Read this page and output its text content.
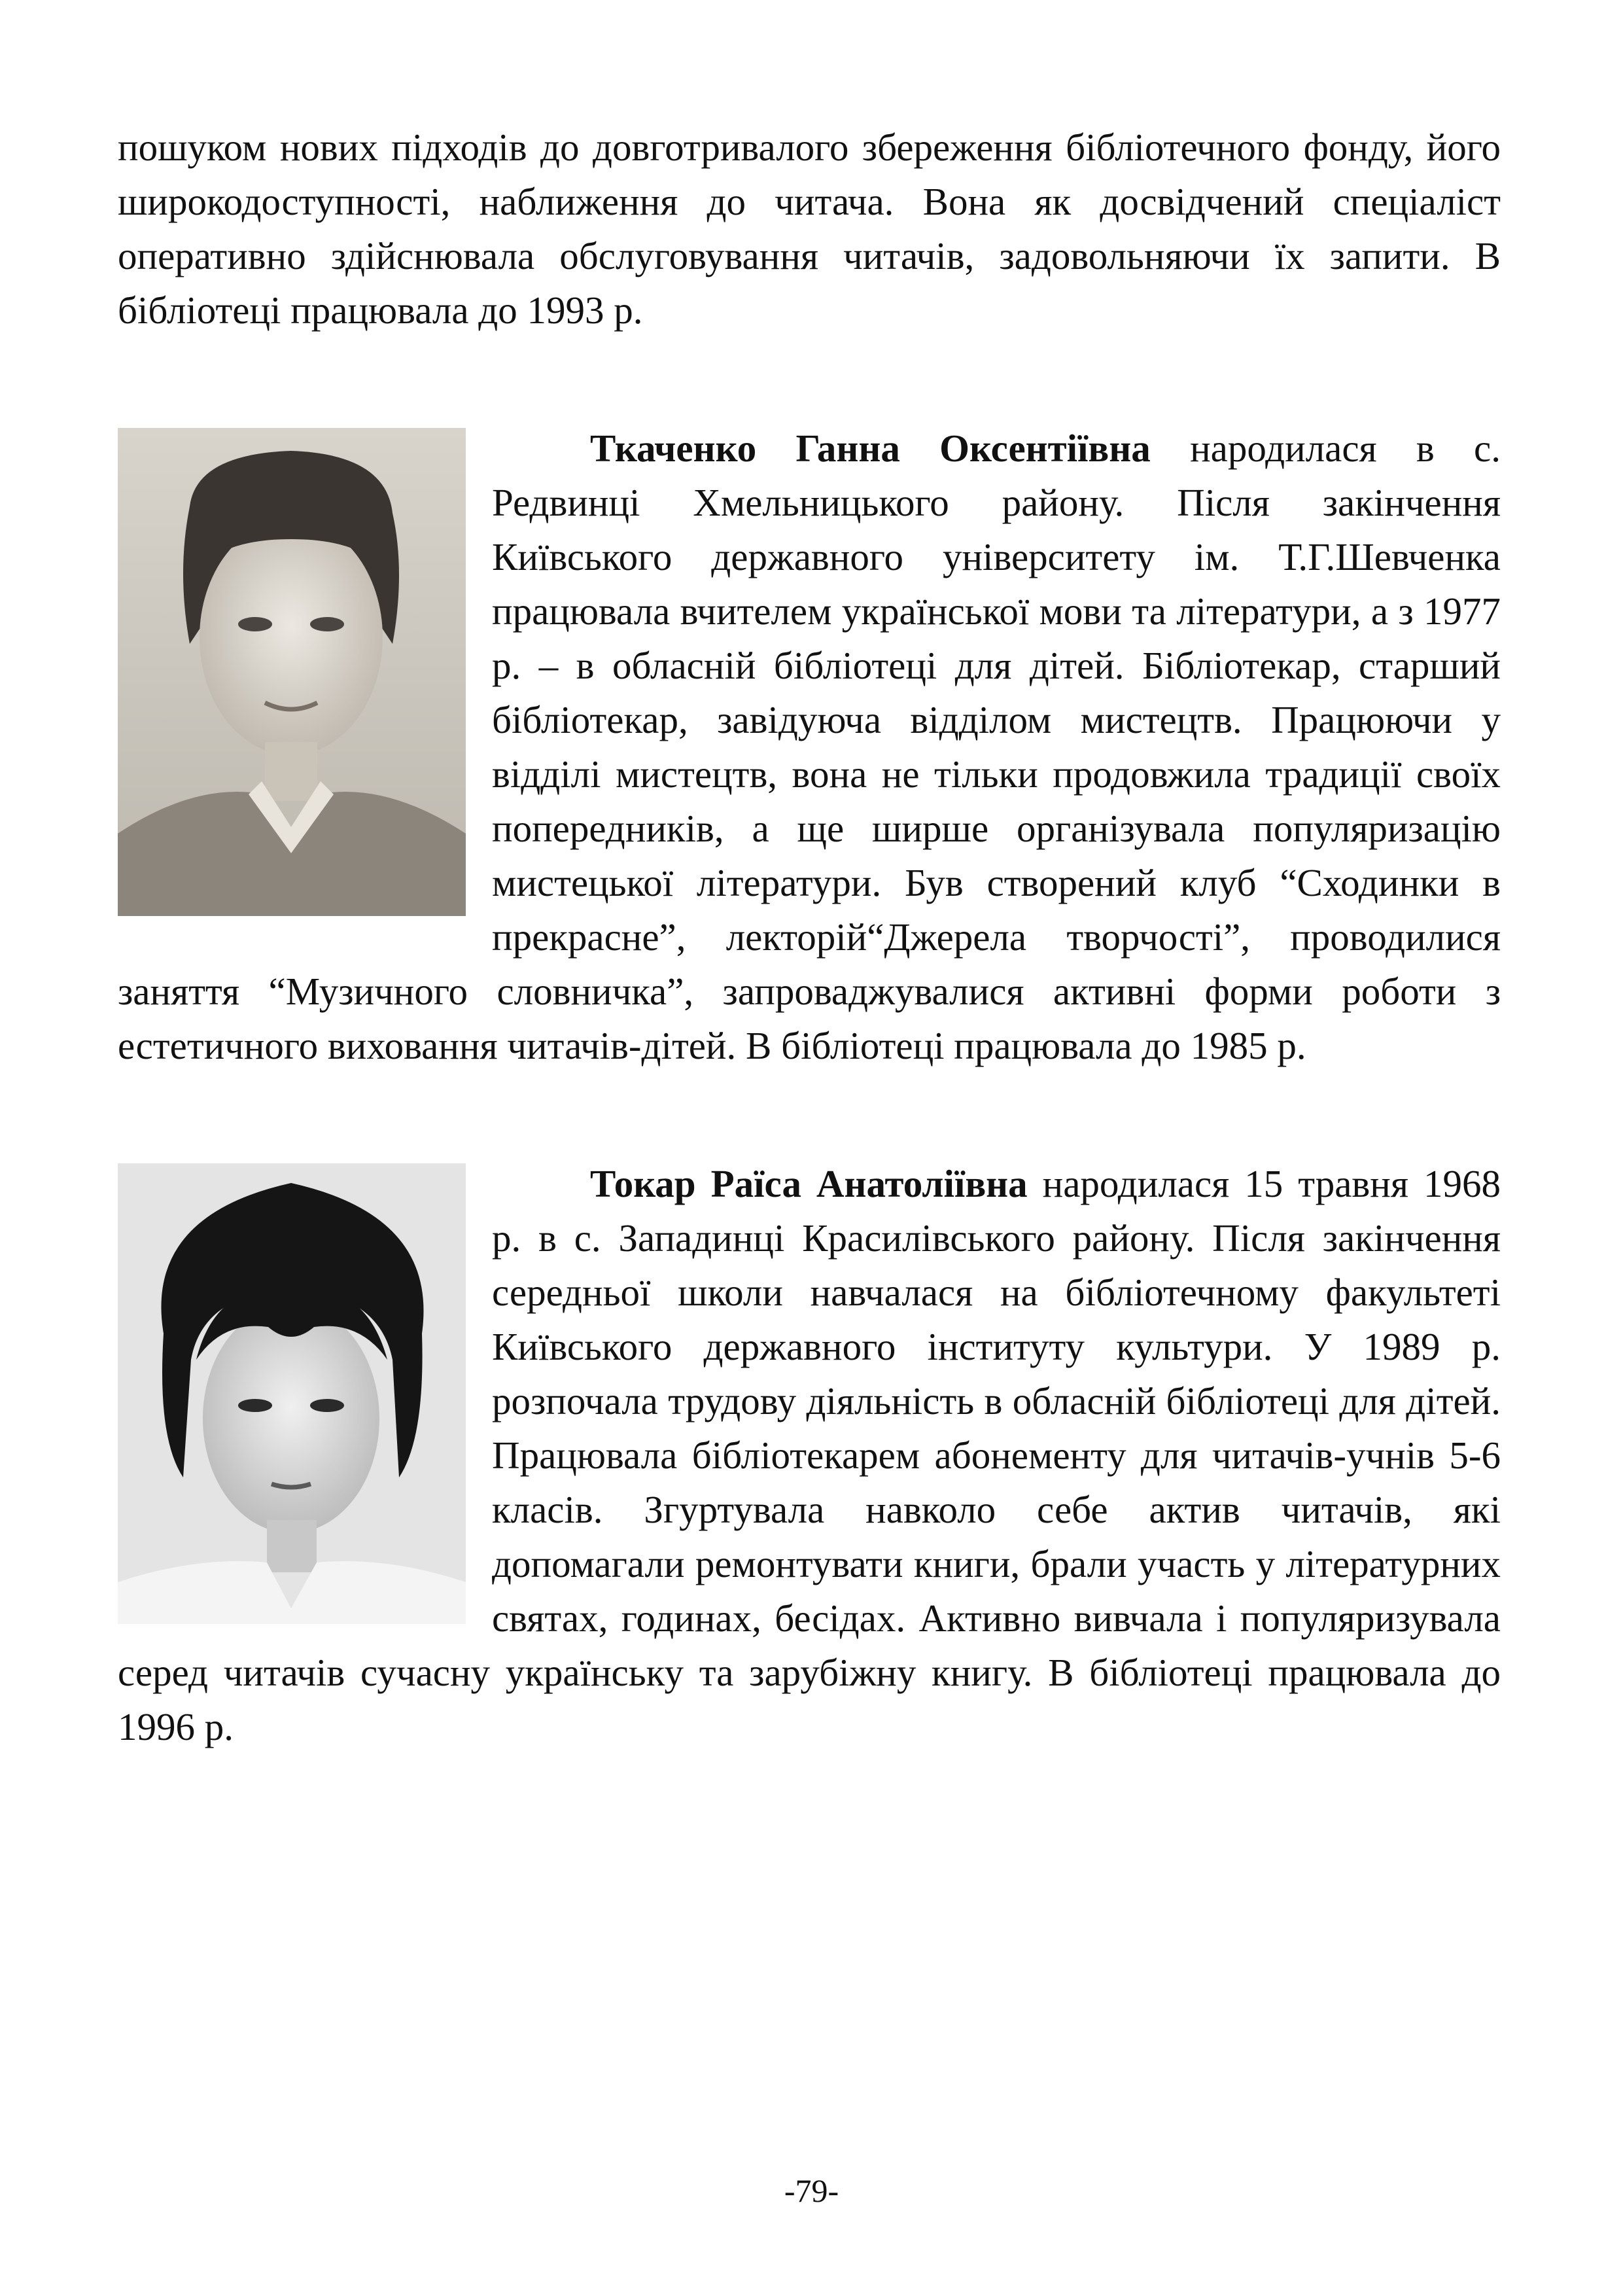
пошуком нових підходів до довготривалого збереження бібліотечного фонду, його широкодоступності, наближення до читача. Вона як досвідчений спеціаліст оперативно здійснювала обслуговування читачів, задовольняючи їх запити. В бібліотеці працювала до 1993 р.

Ткаченко Ганна Оксентіївна народилася в с. Редвинці Хмельницького району. Після закінчення Київського державного університету ім. Т.Г.Шевченка працювала вчителем української мови та літератури, а з 1977 р. – в обласній бібліотеці для дітей. Бібліотекар, старший бібліотекар, завідуюча відділом мистецтв. Працюючи у відділі мистецтв, вона не тільки продовжила традиції своїх попередників, а ще ширше організувала популяризацію мистецької літератури. Був створений клуб “Сходинки в прекрасне”, лекторій“Джерела творчості”, проводилися заняття “Музичного словничка”, запроваджувалися активні форми роботи з естетичного виховання читачів-дітей. В бібліотеці працювала до 1985 р.

Токар Раїса Анатоліївна народилася 15 травня 1968 р. в с. Западинці Красилівського району. Після закінчення середньої школи навчалася на бібліотечному факультеті Київського державного інституту культури. У 1989 р. розпочала трудову діяльність в обласній бібліотеці для дітей. Працювала бібліотекарем абонементу для читачів-учнів 5-6 класів. Згуртувала навколо себе актив читачів, які допомагали ремонтувати книги, брали участь у літературних святах, годинах, бесідах. Активно вивчала і популяризувала серед читачів сучасну українську та зарубіжну книгу. В бібліотеці працювала до 1996 р.

-79-
